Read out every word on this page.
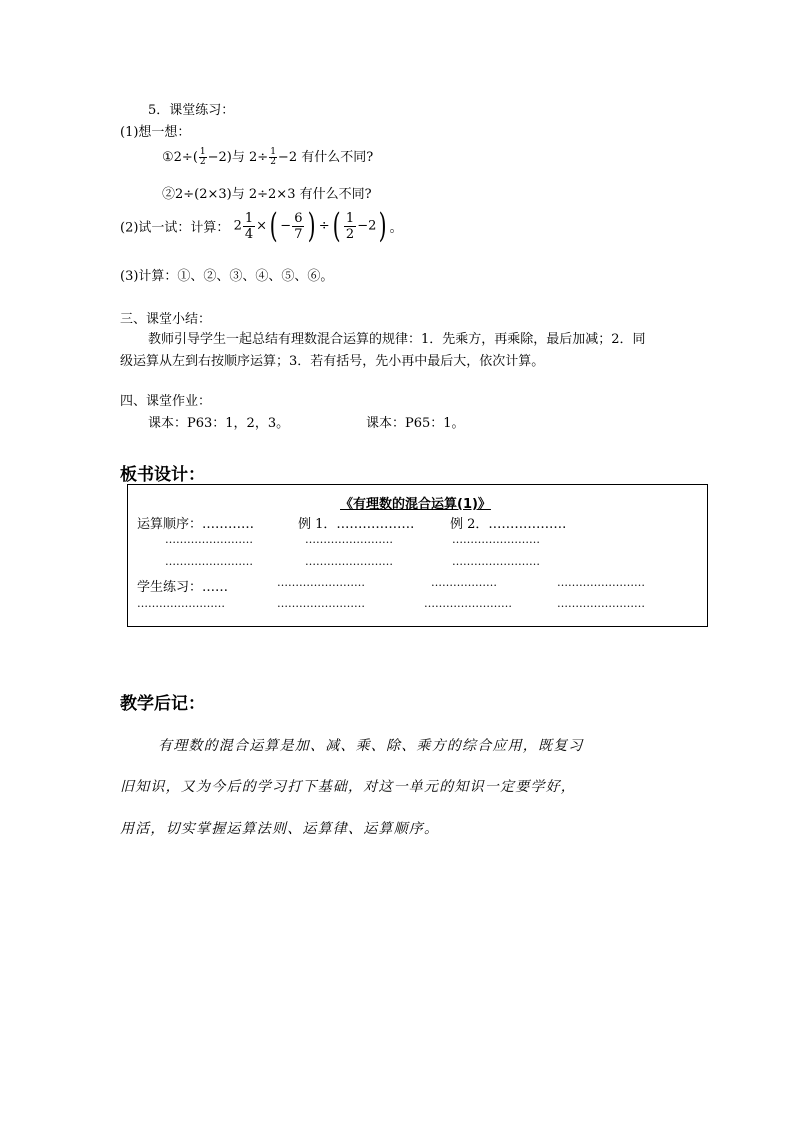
5．课堂练习：
(1)想一想：
①2÷( $\frac{1}{2} -2$)与 $2\div \frac{1}{2} -2$ 有什么不同?
②2÷(2×3)与 2÷2×3 有什么不同?
(2)试一试：计算： $2 \frac{1}{4}$ ×( − $\frac{6}{7}$ ) ÷( $\frac{1}{2} -2$) 。
(3)计算：①、②、③、④、⑤、⑥。
三、课堂小结：
教师引导学生一起总结有理数混合运算的规律：1．先乘方，再乘除，最后加减；2．同
级运算从左到右按顺序运算；3．若有括号，先小再中最后大，依次计算。
四、课堂作业：
课本：P63：1，2，3。	课本：P65：1。
板书设计：
《有理数的混合运算(1)》
运算顺序：…………	例 1．………………	例 2．………………
……………………	……………………	……………………
……………………	……………………	……………………
学生练习：……	……………………	………………	……………………
……………………	……………………	……………………	……………………
教学后记：
有理数的混合运算是加、减、乘、除、乘方的综合应用，既复习
旧知识，又为今后的学习打下基础，对这一单元的知识一定要学好，
用活，切实掌握运算法则、运算律、运算顺序。
